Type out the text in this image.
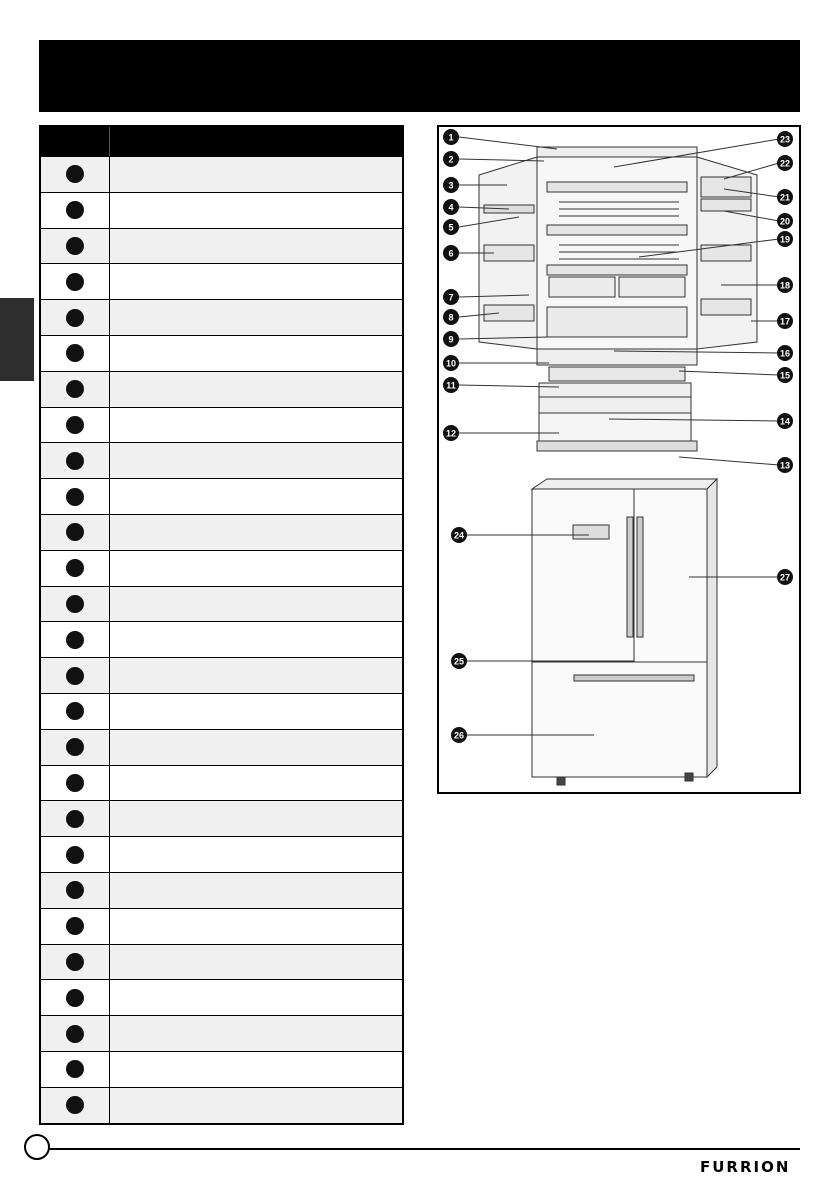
1
2
3
4
5
6
7
8
9
10
11
12
13
14
15
16
17
18
19
20
21
22
23
24
25
26
27
FURRION
